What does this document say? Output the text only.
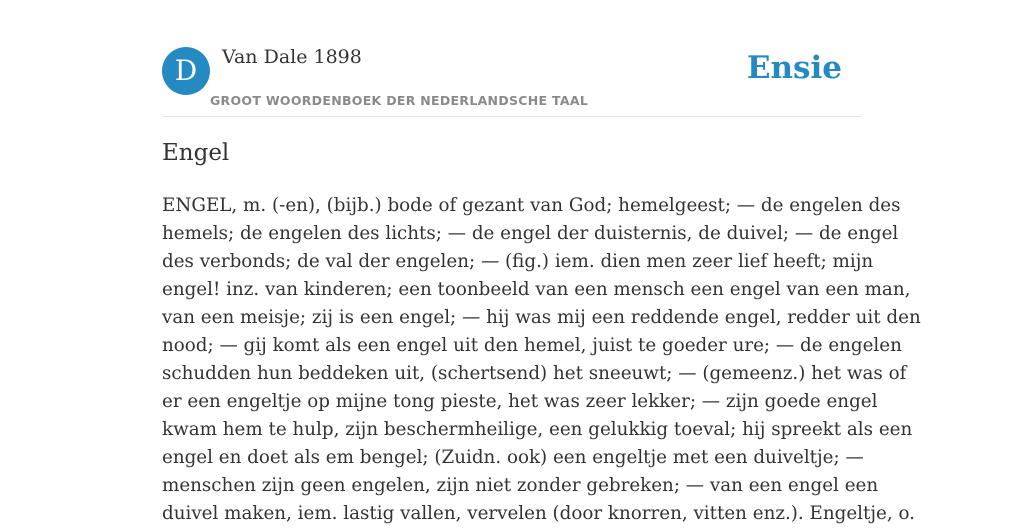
D	Van Dale 1898
GROOT WOORDENBOEK DER NEDERLANDSCHE TAAL
Ensie
Engel
ENGEL, m. (-en), (bijb.) bode of gezant van God; hemelgeest; — de engelen des
hemels; de engelen des lichts; — de engel der duisternis, de duivel; — de engel
des verbonds; de val der engelen; — (fig.) iem. dien men zeer lief heeft; mijn
engel! inz. van kinderen; een toonbeeld van een mensch een engel van een man,
van een meisje; zij is een engel; — hij was mij een reddende engel, redder uit den
nood; — gij komt als een engel uit den hemel, juist te goeder ure; — de engelen
schudden hun beddeken uit, (schertsend) het sneeuwt; — (gemeenz.) het was of
er een engeltje op mijne tong pieste, het was zeer lekker; — zijn goede engel
kwam hem te hulp, zijn beschermheilige, een gelukkig toeval; hij spreekt als een
engel en doet als em bengel; (Zuidn. ook) een engeltje met een duiveltje; —
menschen zijn geen engelen, zijn niet zonder gebreken; — van een engel een
duivel maken, iem. lastig vallen, vervelen (door knorren, vitten enz.). Engeltje, o.
